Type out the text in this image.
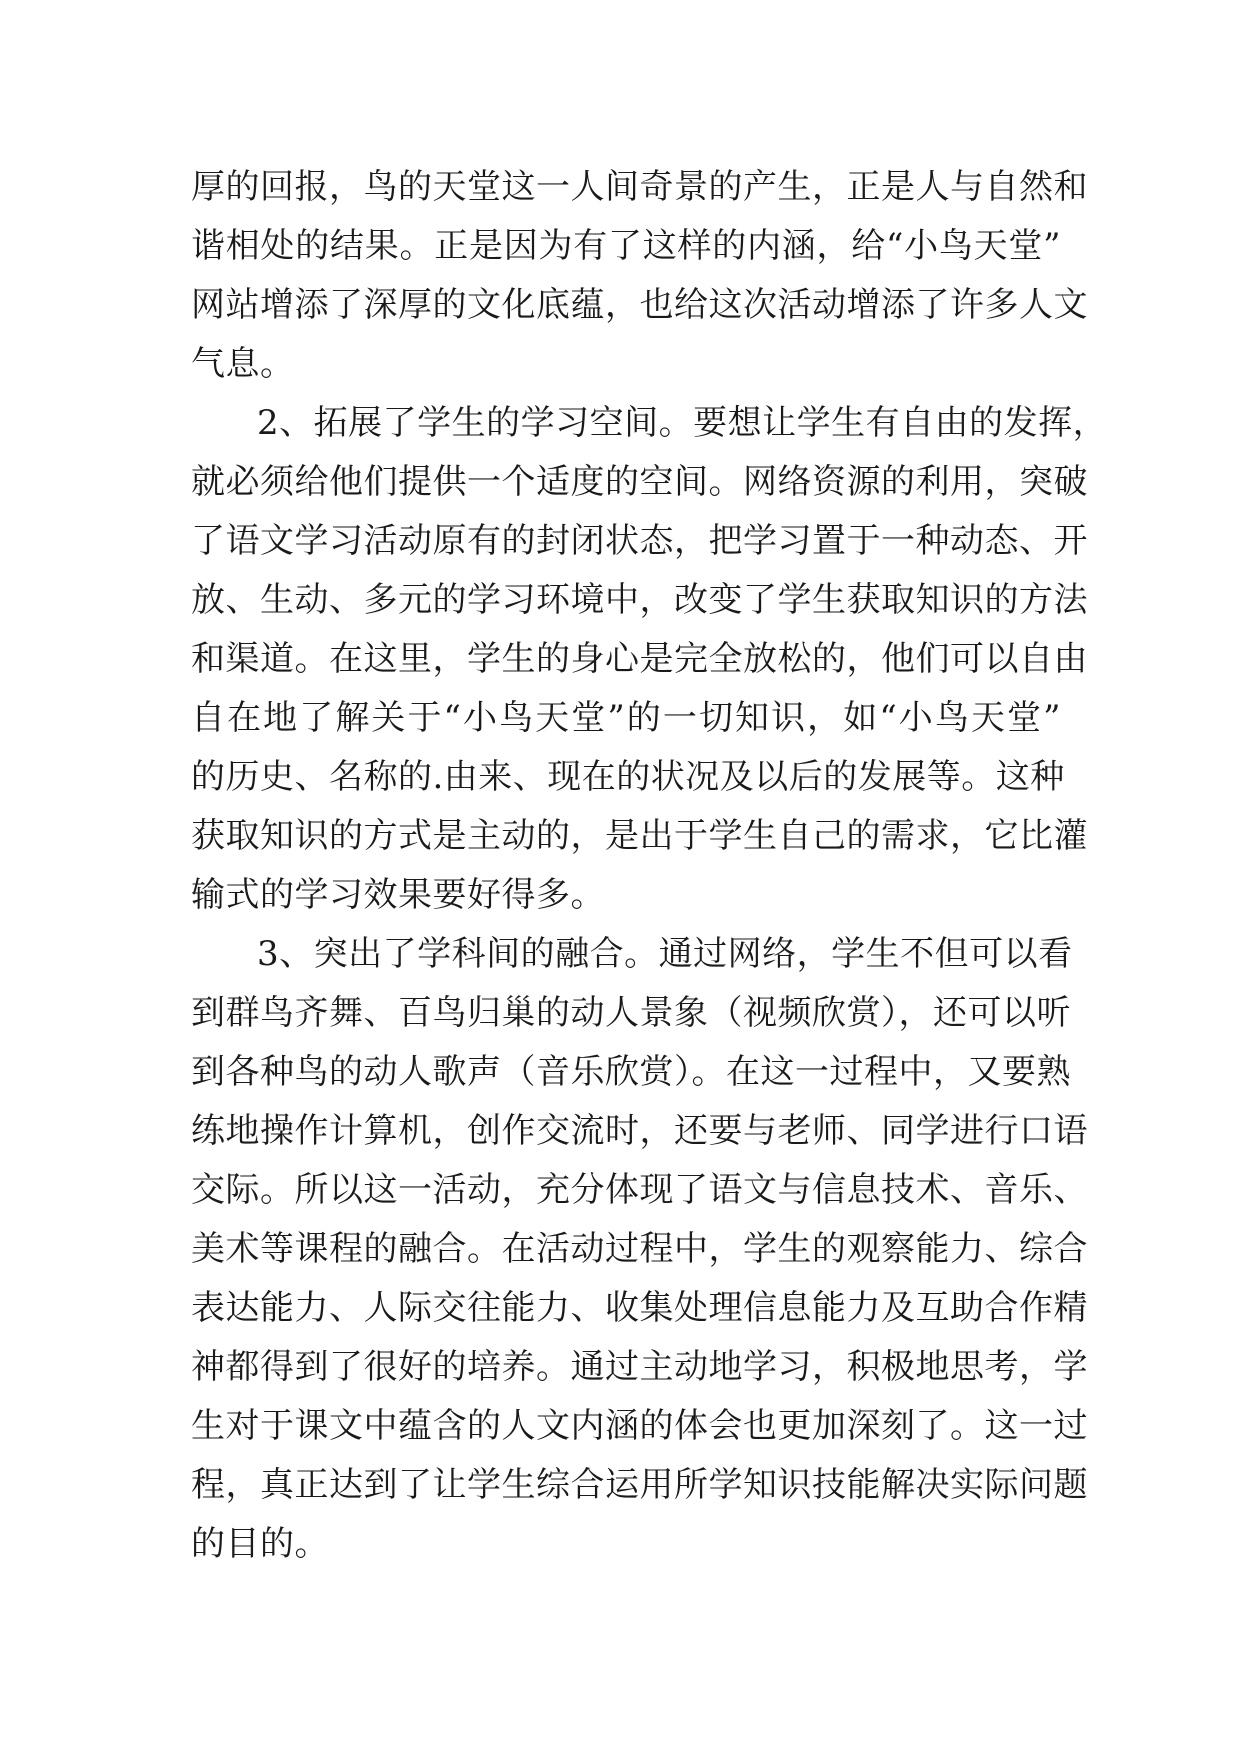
厚的回报，鸟的天堂这一人间奇景的产生，正是人与自然和
谐相处的结果。正是因为有了这样的内涵，给“小鸟天堂”
网站增添了深厚的文化底蕴，也给这次活动增添了许多人文
气息。
2、拓展了学生的学习空间。要想让学生有自由的发挥，
就必须给他们提供一个适度的空间。网络资源的利用，突破
了语文学习活动原有的封闭状态，把学习置于一种动态、开
放、生动、多元的学习环境中，改变了学生获取知识的方法
和渠道。在这里，学生的身心是完全放松的，他们可以自由
自在地了解关于“小鸟天堂”的一切知识，如“小鸟天堂”
的历史、名称的.由来、现在的状况及以后的发展等。这种
获取知识的方式是主动的，是出于学生自己的需求，它比灌
输式的学习效果要好得多。
3、突出了学科间的融合。通过网络，学生不但可以看
到群鸟齐舞、百鸟归巢的动人景象（视频欣赏），还可以听
到各种鸟的动人歌声（音乐欣赏）。在这一过程中，又要熟
练地操作计算机，创作交流时，还要与老师、同学进行口语
交际。所以这一活动，充分体现了语文与信息技术、音乐、
美术等课程的融合。在活动过程中，学生的观察能力、综合
表达能力、人际交往能力、收集处理信息能力及互助合作精
神都得到了很好的培养。通过主动地学习，积极地思考，学
生对于课文中蕴含的人文内涵的体会也更加深刻了。这一过
程，真正达到了让学生综合运用所学知识技能解决实际问题
的目的。
